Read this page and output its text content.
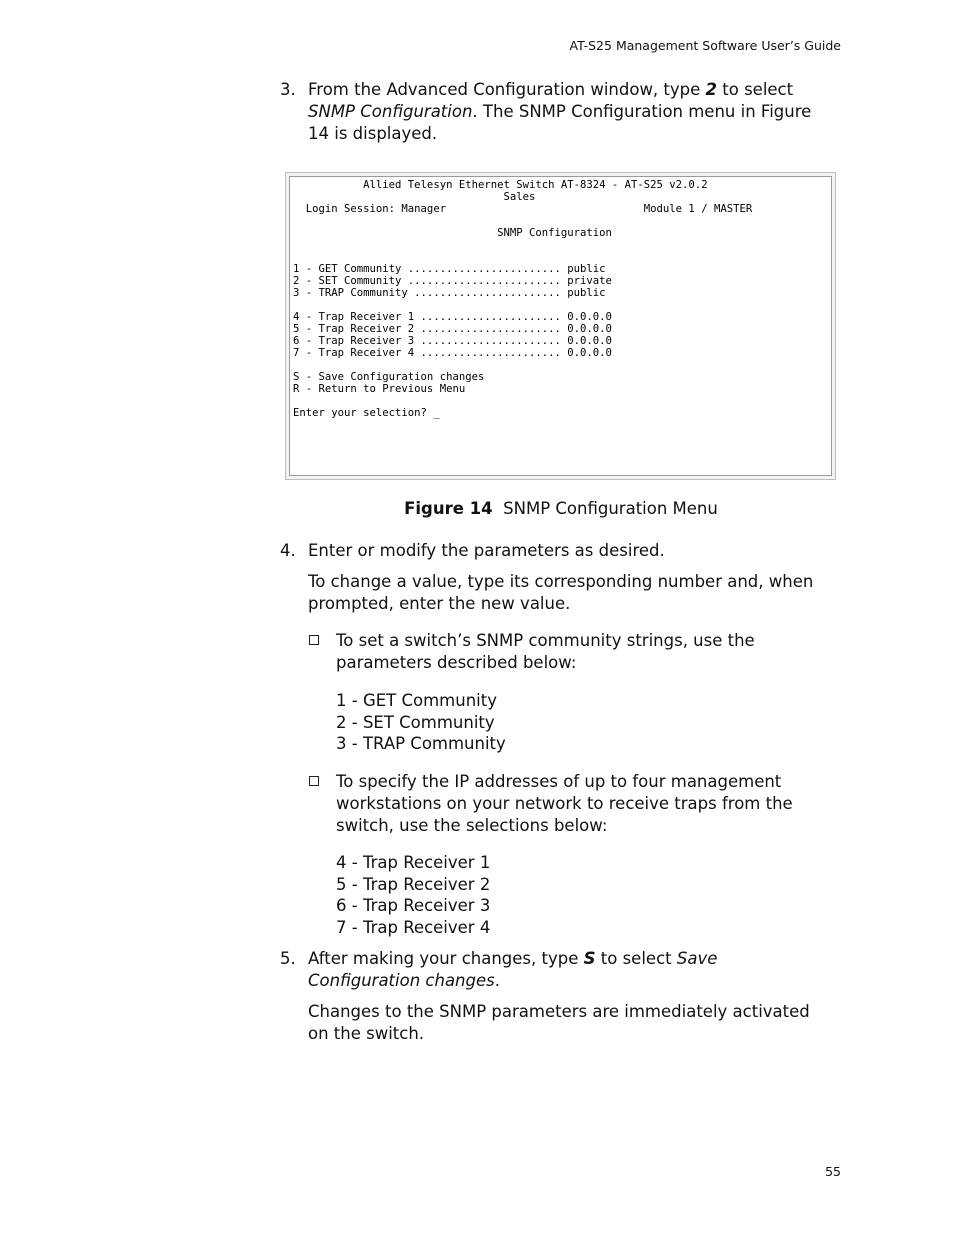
AT-S25 Management Software User’s Guide
3. From the Advanced Configuration window, type 2 to select SNMP Configuration. The SNMP Configuration menu in Figure 14 is displayed.
Allied Telesyn Ethernet Switch AT-8324 - AT-S25 v2.0.2
Sales
Login Session: Manager                               Module 1 / MASTER
SNMP Configuration
1 - GET Community ........................ public
2 - SET Community ........................ private
3 - TRAP Community ....................... public
4 - Trap Receiver 1 ...................... 0.0.0.0
5 - Trap Receiver 2 ...................... 0.0.0.0
6 - Trap Receiver 3 ...................... 0.0.0.0
7 - Trap Receiver 4 ...................... 0.0.0.0
S - Save Configuration changes
R - Return to Previous Menu
Enter your selection? _
Figure 14 SNMP Configuration Menu
4. Enter or modify the parameters as desired.
To change a value, type its corresponding number and, when prompted, enter the new value.
To set a switch’s SNMP community strings, use the parameters described below:
1 - GET Community
2 - SET Community
3 - TRAP Community
To specify the IP addresses of up to four management workstations on your network to receive traps from the switch, use the selections below:
4 - Trap Receiver 1
5 - Trap Receiver 2
6 - Trap Receiver 3
7 - Trap Receiver 4
5. After making your changes, type S to select Save Configuration changes.
Changes to the SNMP parameters are immediately activated on the switch.
55
